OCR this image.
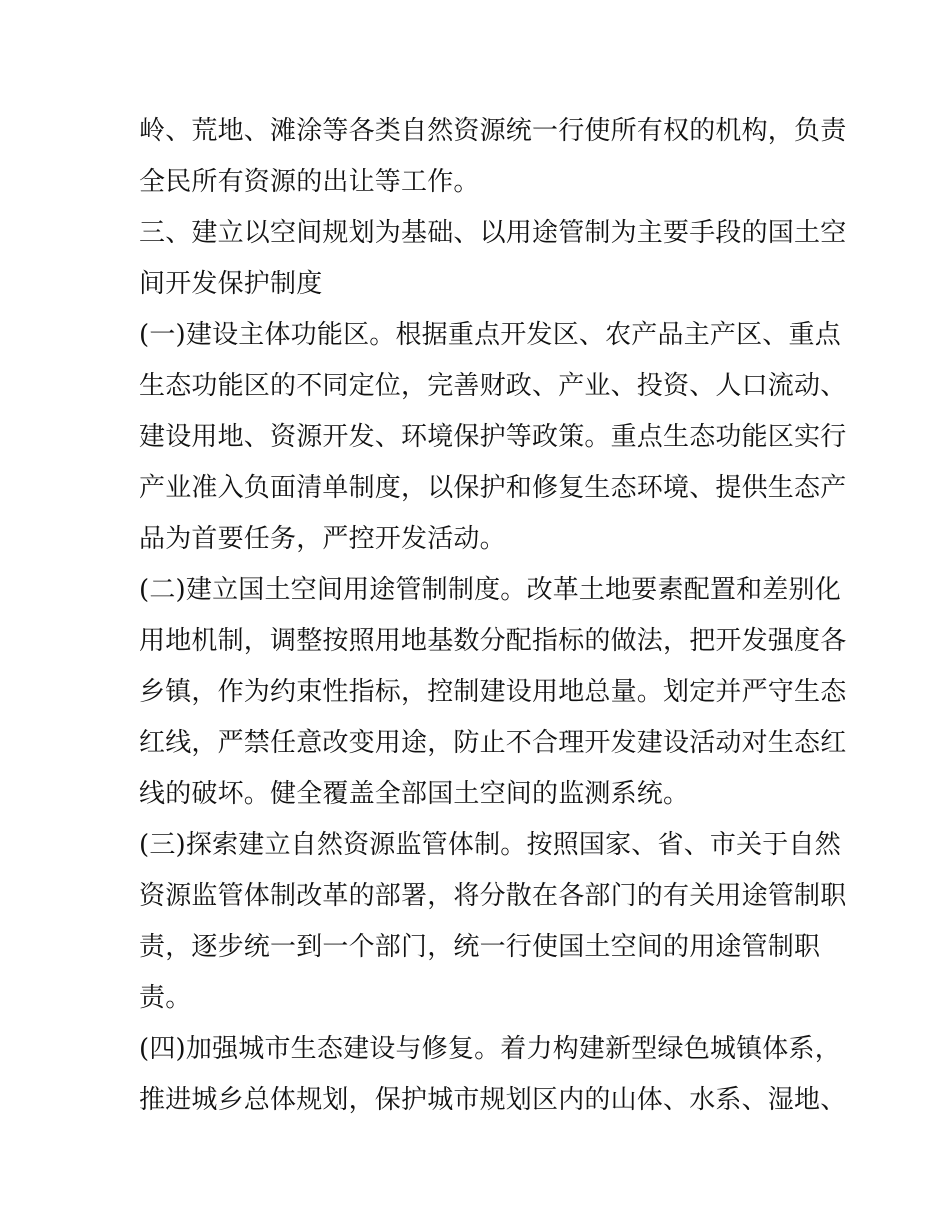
岭、荒地、滩涂等各类自然资源统一行使所有权的机构，负责
全民所有资源的出让等工作。
三、建立以空间规划为基础、以用途管制为主要手段的国土空
间开发保护制度
(一)建设主体功能区。根据重点开发区、农产品主产区、重点
生态功能区的不同定位，完善财政、产业、投资、人口流动、
建设用地、资源开发、环境保护等政策。重点生态功能区实行
产业准入负面清单制度，以保护和修复生态环境、提供生态产
品为首要任务，严控开发活动。
(二)建立国土空间用途管制制度。改革土地要素配置和差别化
用地机制，调整按照用地基数分配指标的做法，把开发强度各
乡镇，作为约束性指标，控制建设用地总量。划定并严守生态
红线，严禁任意改变用途，防止不合理开发建设活动对生态红
线的破坏。健全覆盖全部国土空间的监测系统。
(三)探索建立自然资源监管体制。按照国家、省、市关于自然
资源监管体制改革的部署，将分散在各部门的有关用途管制职
责，逐步统一到一个部门，统一行使国土空间的用途管制职
责。
(四)加强城市生态建设与修复。着力构建新型绿色城镇体系，
推进城乡总体规划，保护城市规划区内的山体、水系、湿地、
